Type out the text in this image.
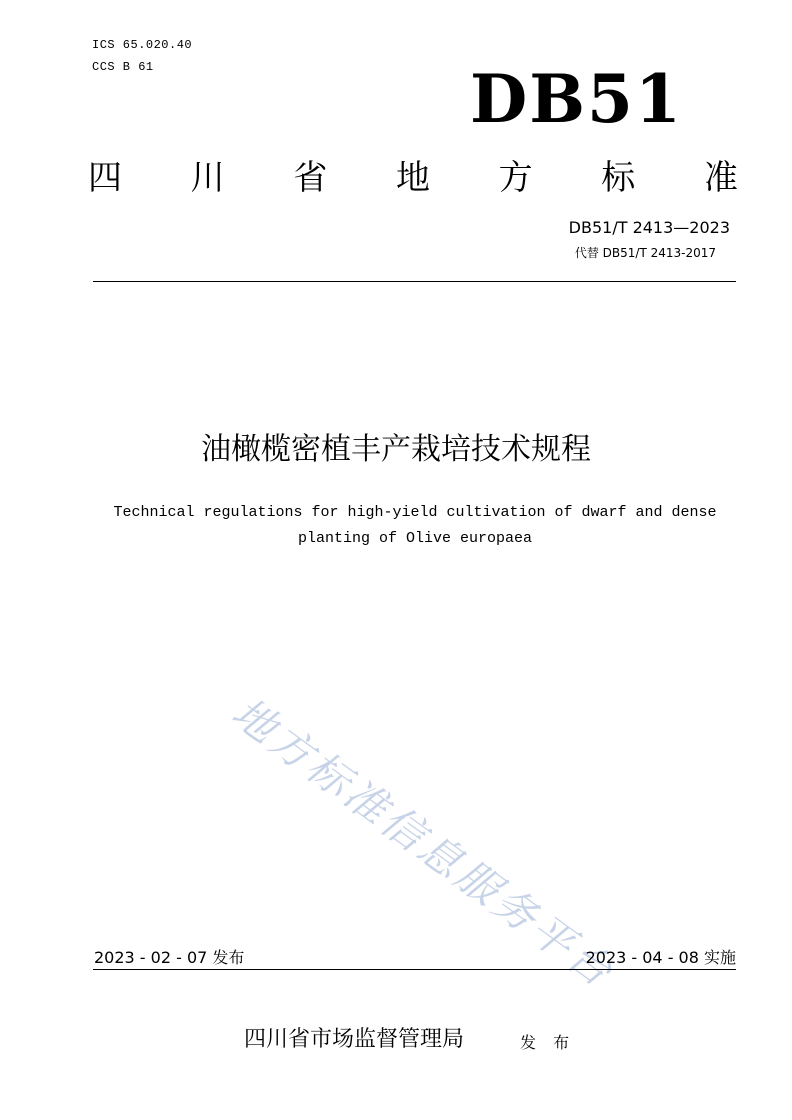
ICS 65.020.40
CCS B 61	DB51
四 川 省 地 方 标 准
DB51/T 2413—2023
代替 DB51/T 2413-2017
油橄榄密植丰产栽培技术规程
Technical regulations for high-yield cultivation of dwarf and dense
planting of Olive europaea
地方标准信息服务平台
2023 - 02 - 07 发布	2023 - 04 - 08 实施
四川省市场监督管理局	发 布
